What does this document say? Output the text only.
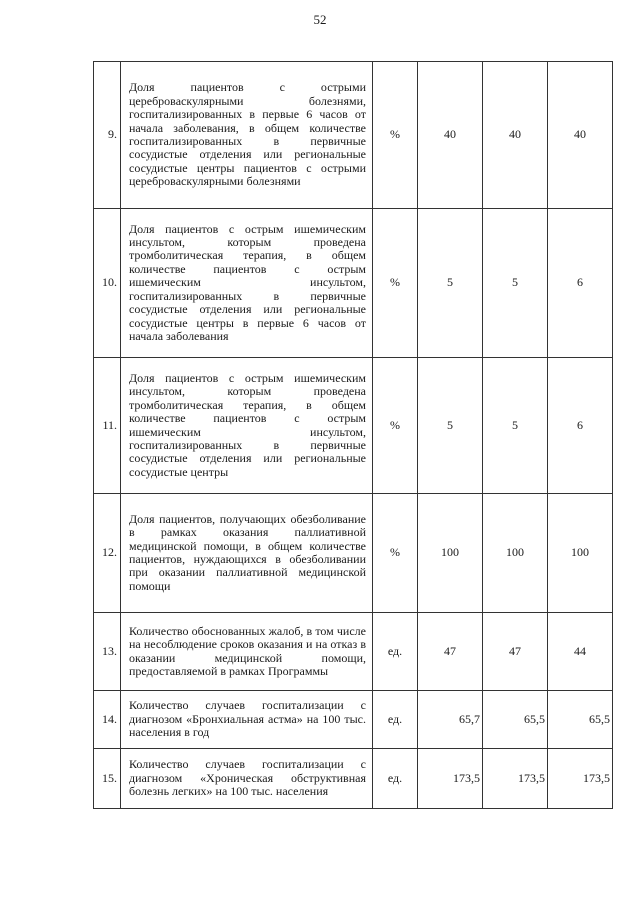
52
9.	Доля пациентов с острыми цереброваскулярными болезнями, госпитализированных в первые 6 часов от начала заболевания, в общем количестве госпитализированных в первичные сосудистые отделения или региональные сосудистые центры пациентов с острыми цереброваскулярными болезнями	%	40	40	40
10.	Доля пациентов с острым ишемическим инсультом, которым проведена тромболитическая терапия, в общем количестве пациентов с острым ишемическим инсультом, госпитализированных в первичные сосудистые отделения или региональные сосудистые центры в первые 6 часов от начала заболевания	%	5	5	6
11.	Доля пациентов с острым ишемическим инсультом, которым проведена тромболитическая терапия, в общем количестве пациентов с острым ишемическим инсультом, госпитализированных в первичные сосудистые отделения или региональные сосудистые центры	%	5	5	6
12.	Доля пациентов, получающих обезболивание в рамках оказания паллиативной медицинской помощи, в общем количестве пациентов, нуждающихся в обезболивании при оказании паллиативной медицинской помощи	%	100	100	100
13.	Количество обоснованных жалоб, в том числе на несоблюдение сроков оказания и на отказ в оказании медицинской помощи, предоставляемой в рамках Программы	ед.	47	47	44
14.	Количество случаев госпитализации с диагнозом «Бронхиальная астма» на 100 тыс. населения в год	ед.	65,7	65,5	65,5
15.	Количество случаев госпитализации с диагнозом «Хроническая обструктивная болезнь легких» на 100 тыс. населения	ед.	173,5	173,5	173,5
